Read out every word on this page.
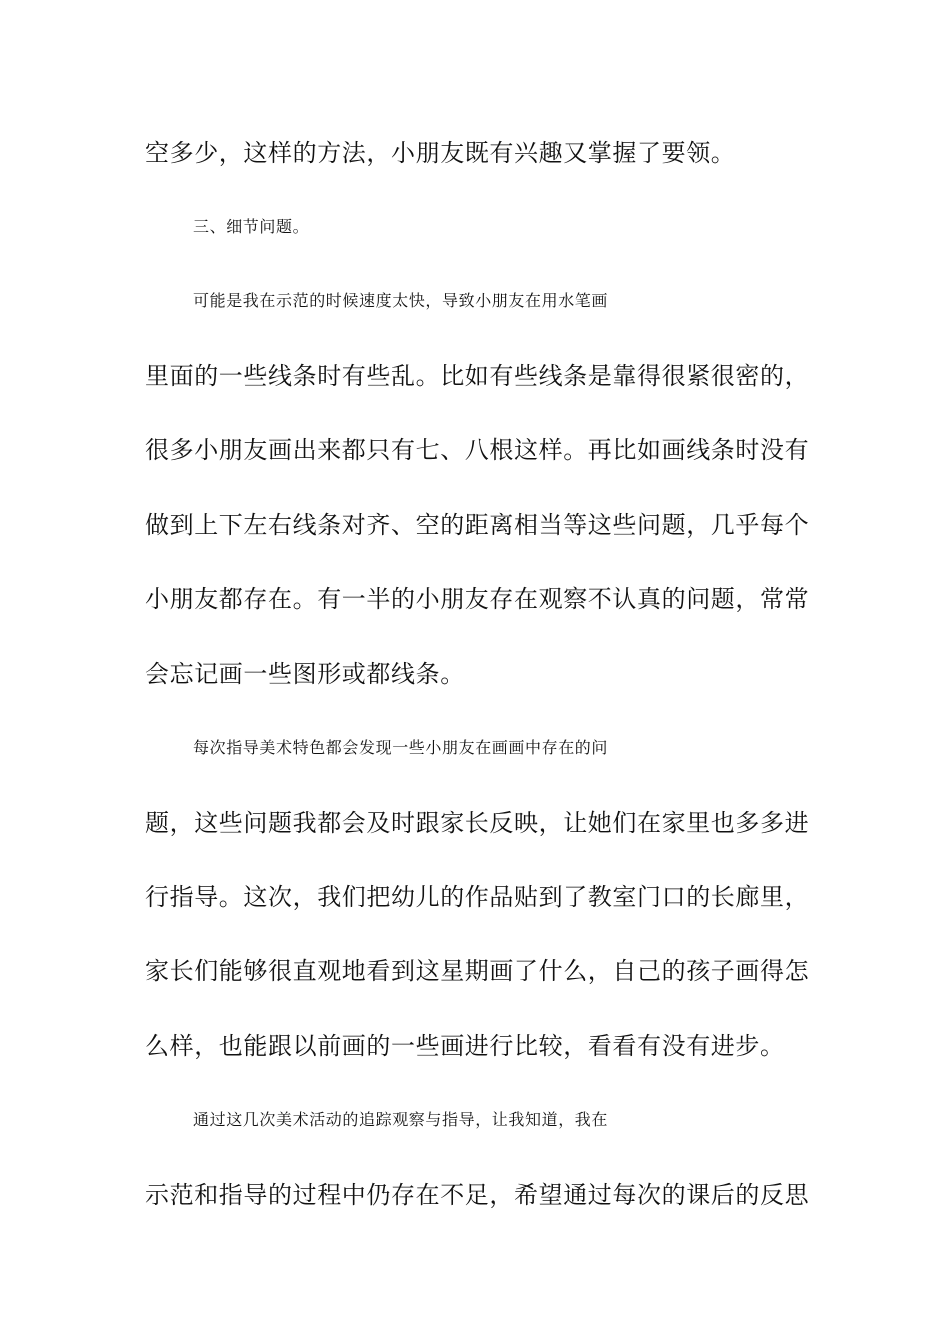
空多少，这样的方法，小朋友既有兴趣又掌握了要领。
三、细节问题。
可能是我在示范的时候速度太快，导致小朋友在用水笔画
里面的一些线条时有些乱。比如有些线条是靠得很紧很密的，
很多小朋友画出来都只有七、八根这样。再比如画线条时没有
做到上下左右线条对齐、空的距离相当等这些问题，几乎每个
小朋友都存在。有一半的小朋友存在观察不认真的问题，常常
会忘记画一些图形或都线条。
每次指导美术特色都会发现一些小朋友在画画中存在的问
题，这些问题我都会及时跟家长反映，让她们在家里也多多进
行指导。这次，我们把幼儿的作品贴到了教室门口的长廊里，
家长们能够很直观地看到这星期画了什么，自己的孩子画得怎
么样，也能跟以前画的一些画进行比较，看看有没有进步。
通过这几次美术活动的追踪观察与指导，让我知道，我在
示范和指导的过程中仍存在不足，希望通过每次的课后的反思
